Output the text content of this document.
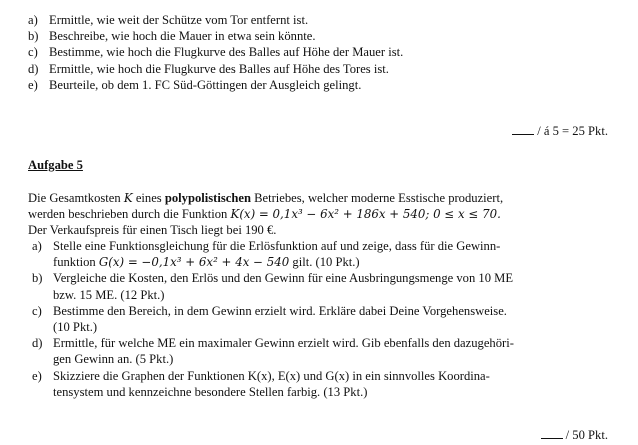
a) Ermittle, wie weit der Schütze vom Tor entfernt ist.
b) Beschreibe, wie hoch die Mauer in etwa sein könnte.
c) Bestimme, wie hoch die Flugkurve des Balles auf Höhe der Mauer ist.
d) Ermittle, wie hoch die Flugkurve des Balles auf Höhe des Tores ist.
e) Beurteile, ob dem 1. FC Süd-Göttingen der Ausgleich gelingt.
/ á 5 = 25 Pkt.
Aufgabe 5
Die Gesamtkosten K eines polypolistischen Betriebes, welcher moderne Esstische produziert,
werden beschrieben durch die Funktion K(x) = 0,1x³ − 6x² + 186x + 540; 0 ≤ x ≤ 70.
Der Verkaufspreis für einen Tisch liegt bei 190 €.
a) Stelle eine Funktionsgleichung für die Erlösfunktion auf und zeige, dass für die Gewinn-
funktion G(x) = −0,1x³ + 6x² + 4x − 540 gilt. (10 Pkt.)
b) Vergleiche die Kosten, den Erlös und den Gewinn für eine Ausbringungsmenge von 10 ME
bzw. 15 ME. (12 Pkt.)
c) Bestimme den Bereich, in dem Gewinn erzielt wird. Erkläre dabei Deine Vorgehensweise.
(10 Pkt.)
d) Ermittle, für welche ME ein maximaler Gewinn erzielt wird. Gib ebenfalls den dazugehöri-
gen Gewinn an. (5 Pkt.)
e) Skizziere die Graphen der Funktionen K(x), E(x) und G(x) in ein sinnvolles Koordina-
tensystem und kennzeichne besondere Stellen farbig. (13 Pkt.)
/ 50 Pkt.
